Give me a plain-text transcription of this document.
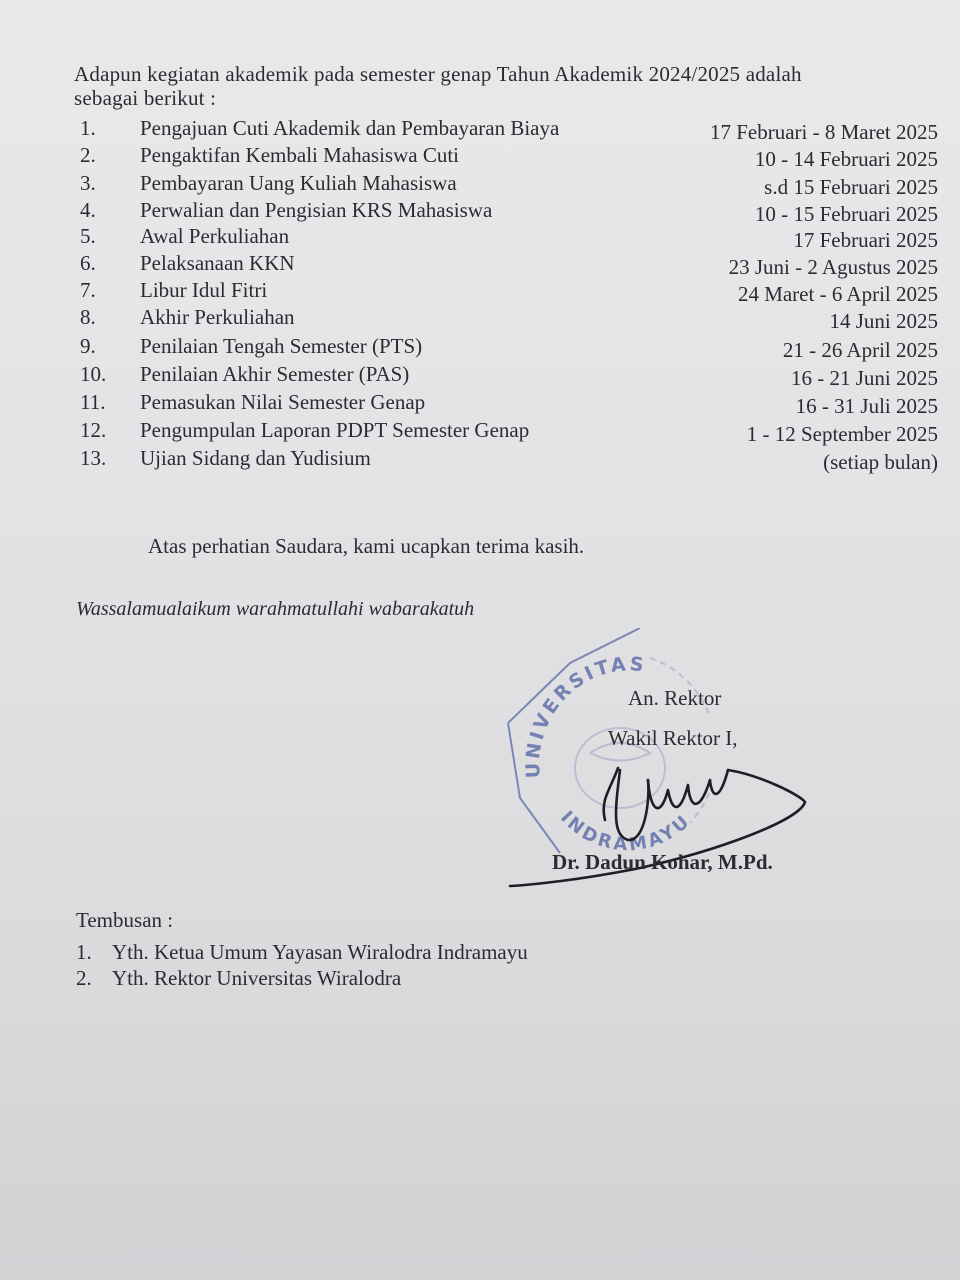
Adapun kegiatan akademik pada semester genap Tahun Akademik 2024/2025 adalah
sebagai berikut :
1. Pengajuan Cuti Akademik dan Pembayaran Biaya	17 Februari - 8 Maret 2025
2. Pengaktifan Kembali Mahasiswa Cuti	10 - 14 Februari 2025
3. Pembayaran Uang Kuliah Mahasiswa	s.d 15 Februari 2025
4. Perwalian dan Pengisian KRS Mahasiswa	10 - 15 Februari 2025
5. Awal Perkuliahan	17 Februari 2025
6. Pelaksanaan KKN	23 Juni - 2 Agustus 2025
7. Libur Idul Fitri	24 Maret - 6 April 2025
8. Akhir Perkuliahan	14 Juni 2025
9. Penilaian Tengah Semester (PTS)	21 - 26 April 2025
10. Penilaian Akhir Semester (PAS)	16 - 21 Juni 2025
11. Pemasukan Nilai Semester Genap	16 - 31 Juli 2025
12. Pengumpulan Laporan PDPT Semester Genap	1 - 12 September 2025
13. Ujian Sidang dan Yudisium	(setiap bulan)
Atas perhatian Saudara, kami ucapkan terima kasih.
Wassalamualaikum warahmatullahi wabarakatuh
UNIVERSITAS
INDRAMAYU
An. Rektor
Wakil Rektor I,
Dr. Dadun Kohar, M.Pd.
Tembusan :
1. Yth. Ketua Umum Yayasan Wiralodra Indramayu
2. Yth. Rektor Universitas Wiralodra
